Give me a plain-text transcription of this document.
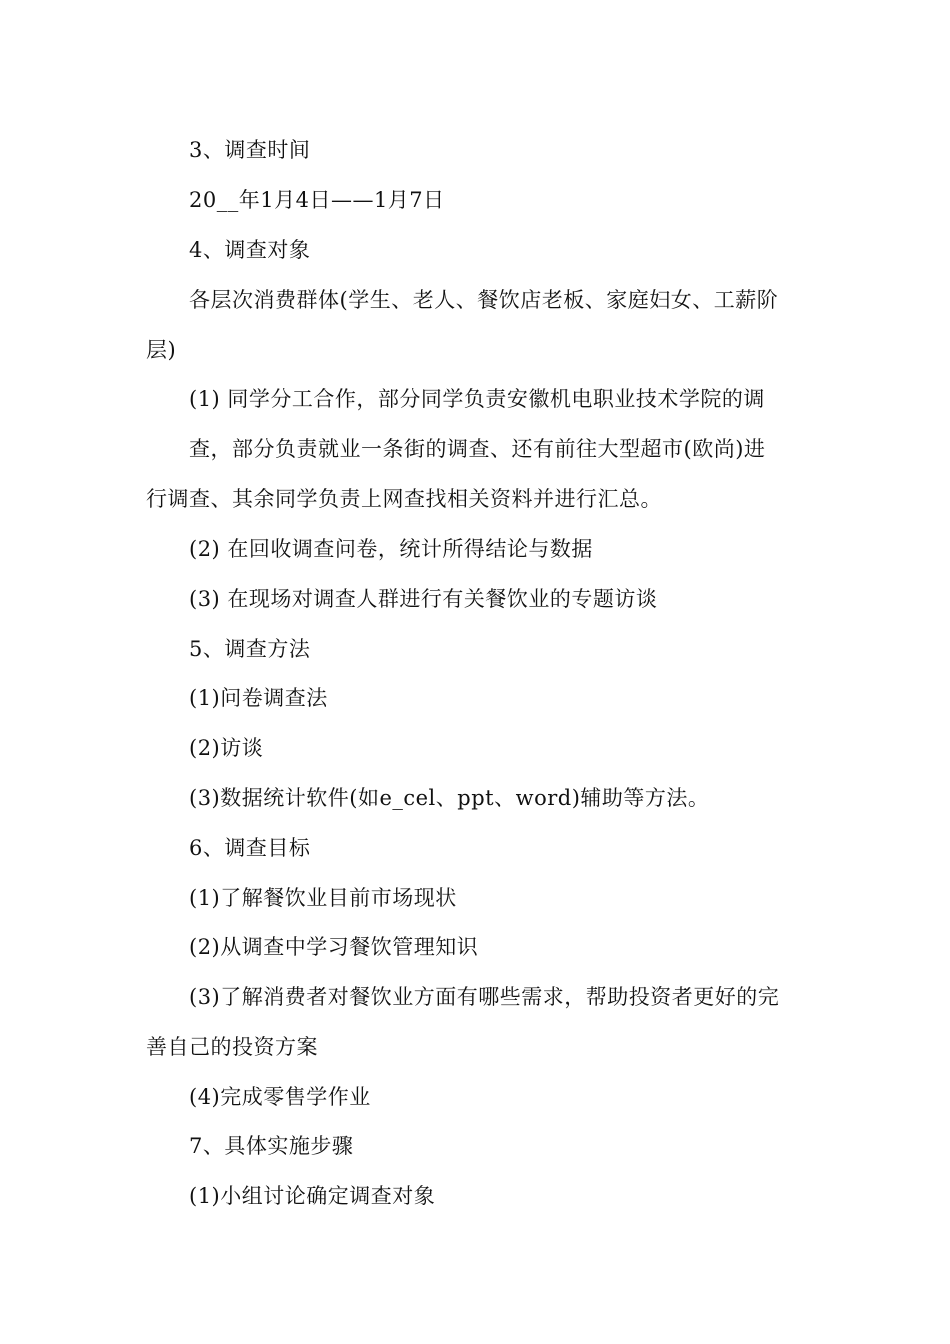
3、调查时间
20__年1月4日——1月7日
4、调查对象
各层次消费群体(学生、老人、餐饮店老板、家庭妇女、工薪阶
层)
(1) 同学分工合作，部分同学负责安徽机电职业技术学院的调
查，部分负责就业一条街的调查、还有前往大型超市(欧尚)进
行调查、其余同学负责上网查找相关资料并进行汇总。
(2) 在回收调查问卷，统计所得结论与数据
(3) 在现场对调查人群进行有关餐饮业的专题访谈
5、调查方法
(1)问卷调查法
(2)访谈
(3)数据统计软件(如e_cel、ppt、word)辅助等方法。
6、调查目标
(1)了解餐饮业目前市场现状
(2)从调查中学习餐饮管理知识
(3)了解消费者对餐饮业方面有哪些需求，帮助投资者更好的完
善自己的投资方案
(4)完成零售学作业
7、具体实施步骤
(1)小组讨论确定调查对象
